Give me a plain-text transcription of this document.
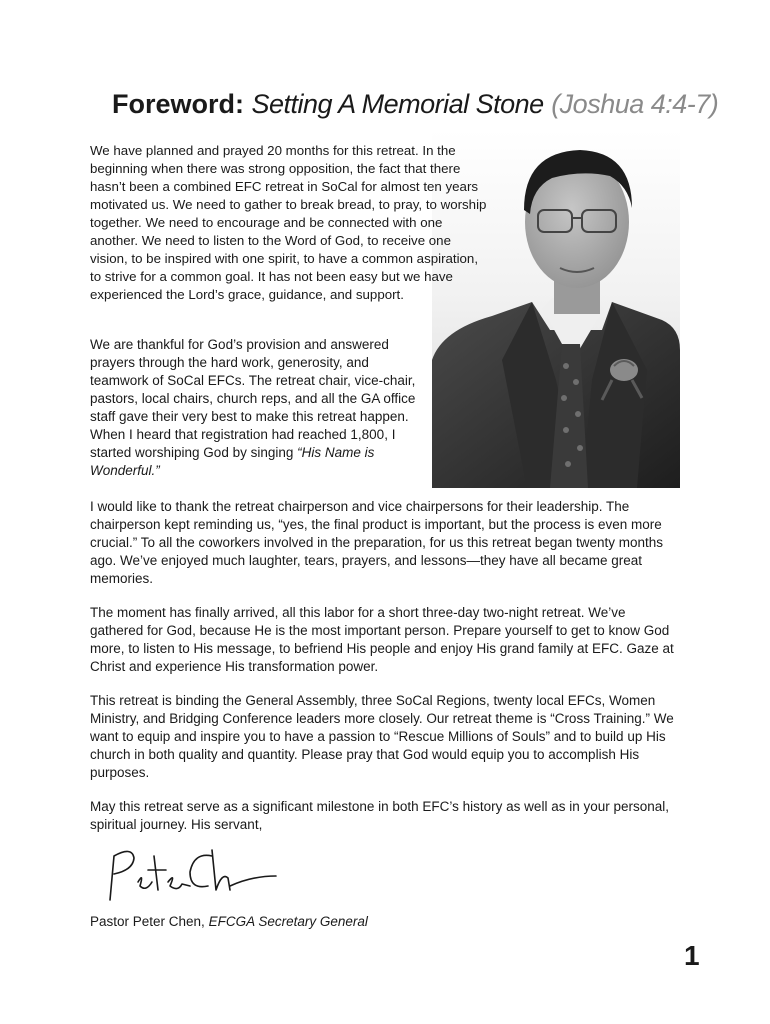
Foreword: Setting A Memorial Stone (Joshua 4:4-7)

We have planned and prayed 20 months for this retreat. In the beginning when there was strong opposition, the fact that there hasn’t been a combined EFC retreat in SoCal for almost ten years motivated us. We need to gather to break bread, to pray, to worship together. We need to encourage and be connected with one another. We need to listen to the Word of God, to receive one vision, to be inspired with one spirit, to have a common aspiration, to strive for a common goal. It has not been easy but we have experienced the Lord’s grace, guidance, and support.

We are thankful for God’s provision and answered prayers through the hard work, generosity, and teamwork of SoCal EFCs. The retreat chair, vice-chair, pastors, local chairs, church reps, and all the GA office staff gave their very best to make this retreat happen. When I heard that registration had reached 1,800, I started worshiping God by singing “His Name is Wonderful.”

I would like to thank the retreat chairperson and vice chairpersons for their leadership. The chairperson kept reminding us, “yes, the final product is important, but the process is even more crucial.” To all the coworkers involved in the preparation, for us this retreat began twenty months ago. We’ve enjoyed much laughter, tears, prayers, and lessons—they have all became great memories.

The moment has finally arrived, all this labor for a short three-day two-night retreat. We’ve gathered for God, because He is the most important person. Prepare yourself to get to know God more, to listen to His message, to befriend His people and enjoy His grand family at EFC. Gaze at Christ and experience His transformation power.

This retreat is binding the General Assembly, three SoCal Regions, twenty local EFCs, Women Ministry, and Bridging Conference leaders more closely. Our retreat theme is “Cross Training.” We want to equip and inspire you to have a passion to “Rescue Millions of Souls” and to build up His church in both quality and quantity. Please pray that God would equip you to accomplish His purposes.

May this retreat serve as a significant milestone in both EFC’s history as well as in your personal, spiritual journey. His servant,

Pastor Peter Chen, EFCGA Secretary General

1
